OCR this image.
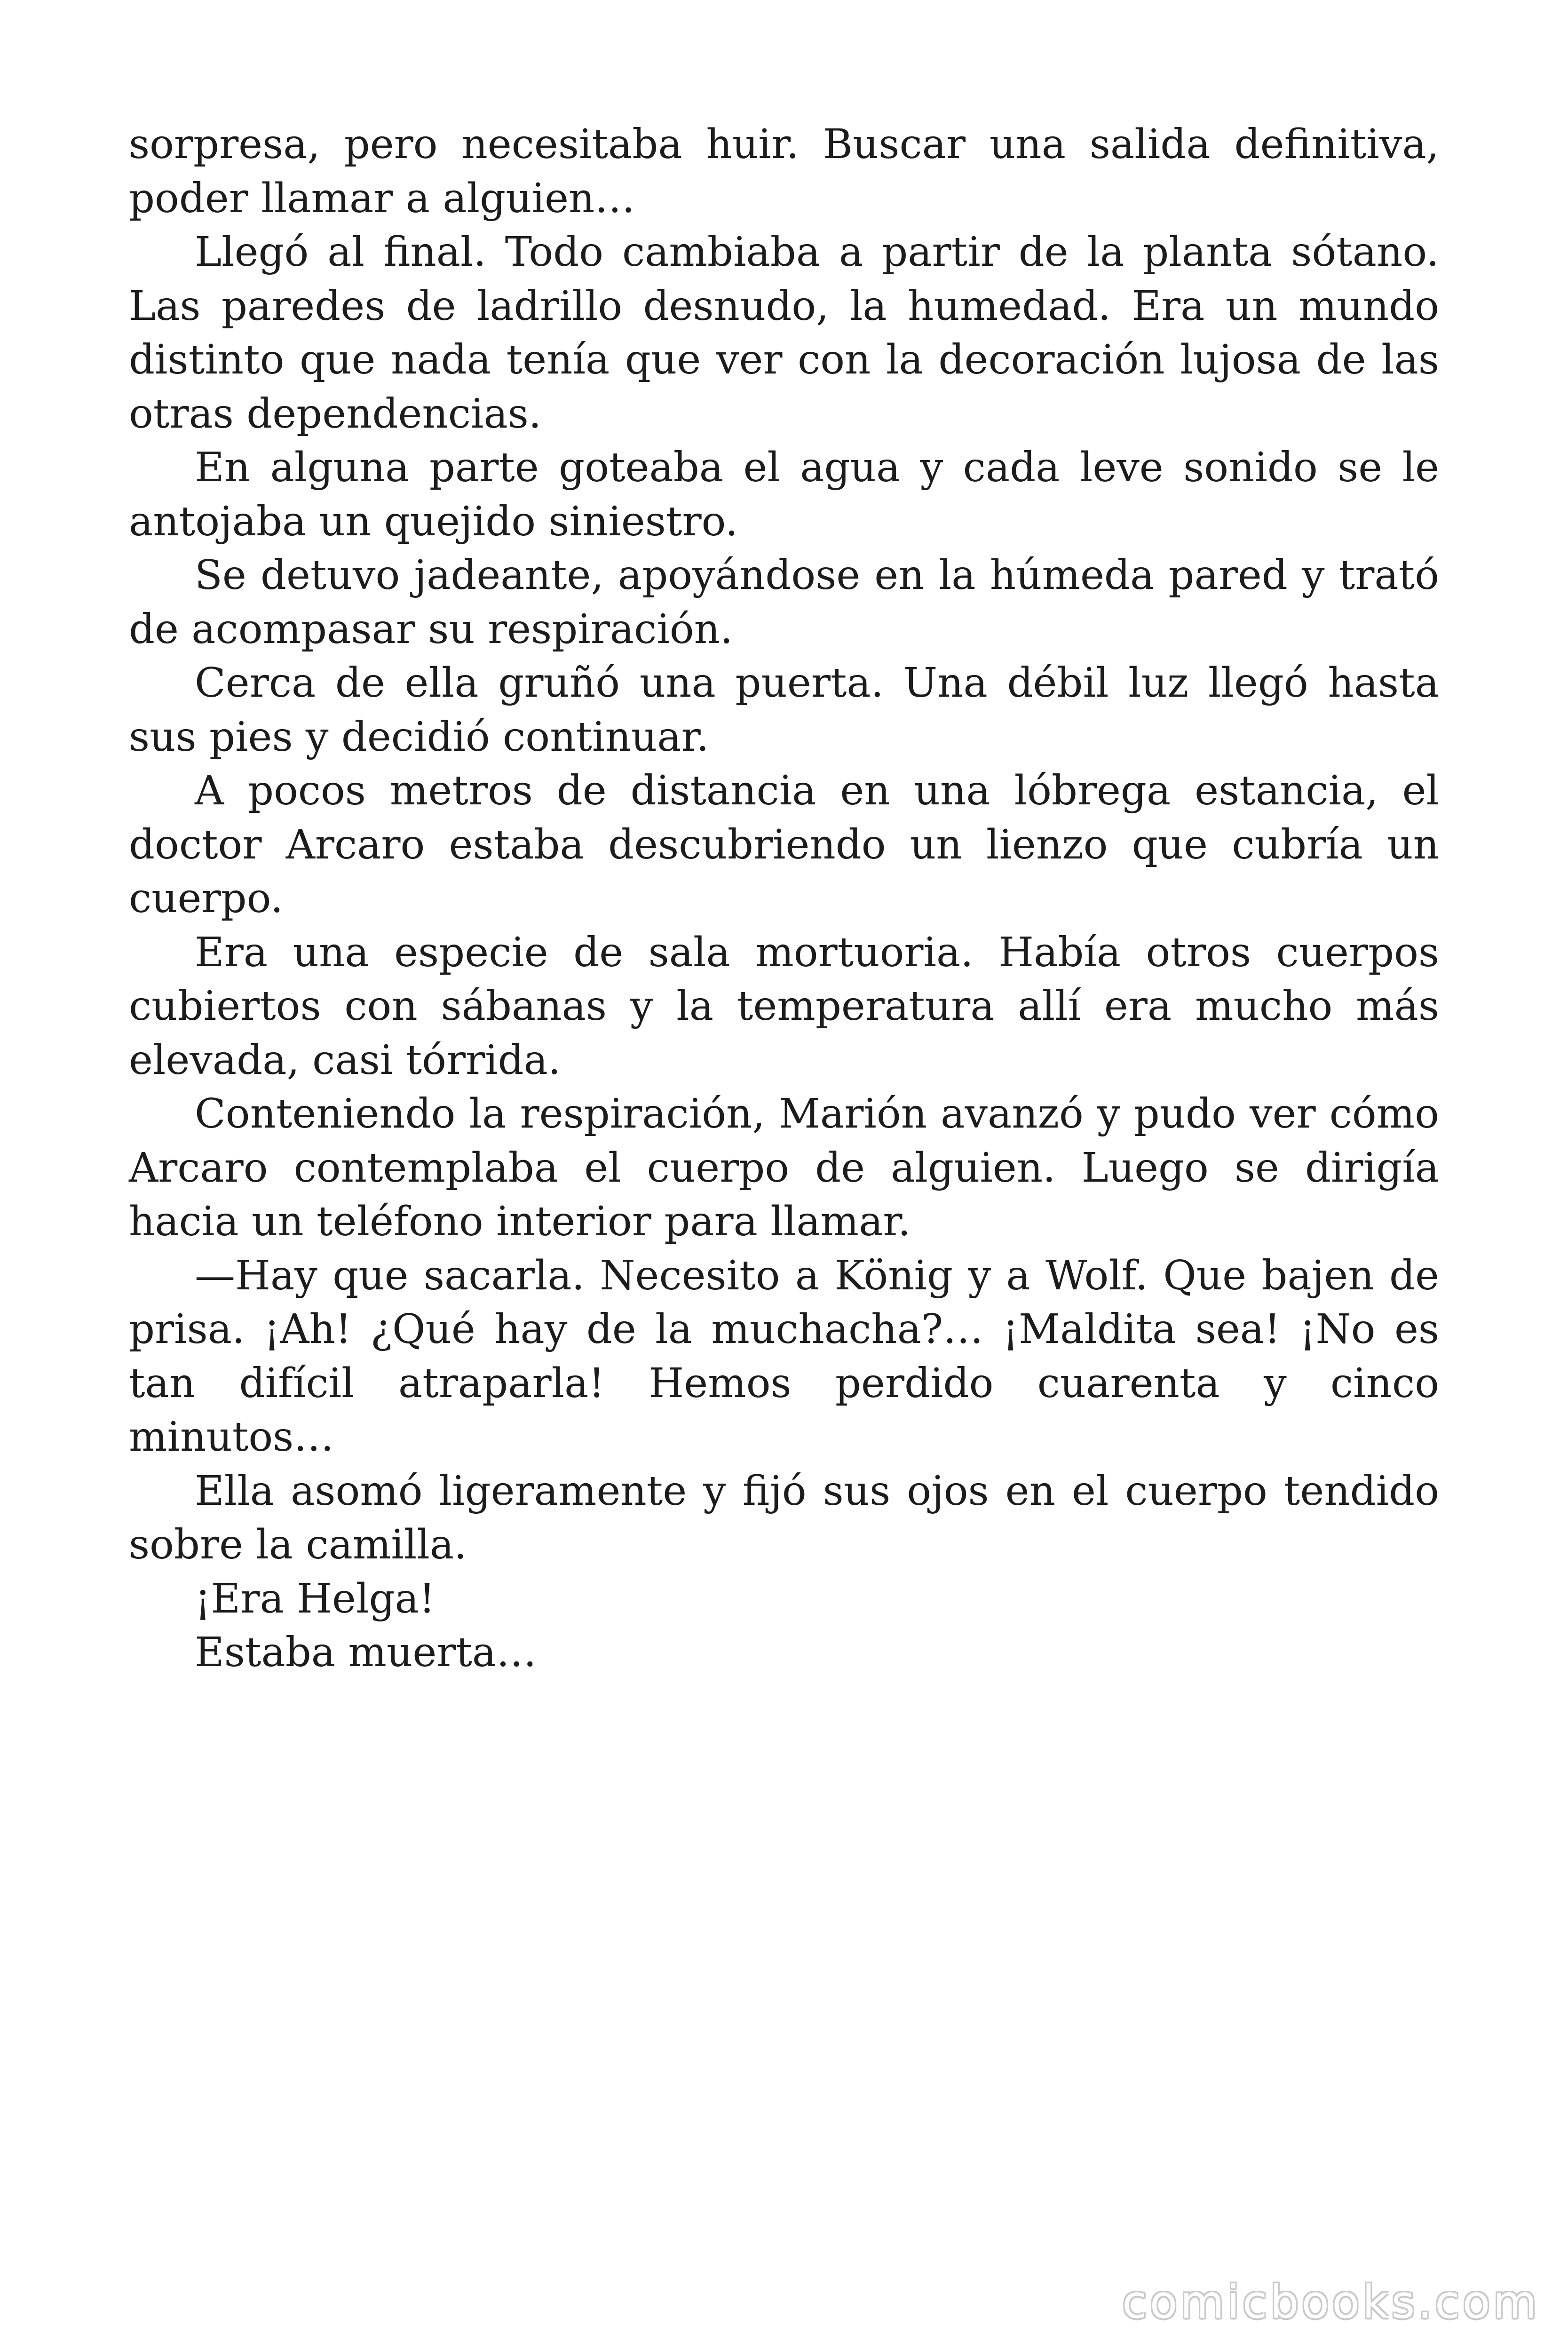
sorpresa, pero necesitaba huir. Buscar una salida definitiva, poder llamar a alguien…

Llegó al final. Todo cambiaba a partir de la planta sótano. Las paredes de ladrillo desnudo, la humedad. Era un mundo distinto que nada tenía que ver con la decoración lujosa de las otras dependencias.

En alguna parte goteaba el agua y cada leve sonido se le antojaba un quejido siniestro.

Se detuvo jadeante, apoyándose en la húmeda pared y trató de acompasar su respiración.

Cerca de ella gruñó una puerta. Una débil luz llegó hasta sus pies y decidió continuar.

A pocos metros de distancia en una lóbrega estancia, el doctor Arcaro estaba descubriendo un lienzo que cubría un cuerpo.

Era una especie de sala mortuoria. Había otros cuerpos cubiertos con sábanas y la temperatura allí era mucho más elevada, casi tórrida.

Conteniendo la respiración, Marión avanzó y pudo ver cómo Arcaro contemplaba el cuerpo de alguien. Luego se dirigía hacia un teléfono interior para llamar.

—Hay que sacarla. Necesito a König y a Wolf. Que bajen de prisa. ¡Ah! ¿Qué hay de la muchacha?… ¡Maldita sea! ¡No es tan difícil atraparla! Hemos perdido cuarenta y cinco minutos…

Ella asomó ligeramente y fijó sus ojos en el cuerpo tendido sobre la camilla.

¡Era Helga!

Estaba muerta…

comicbooks.com
